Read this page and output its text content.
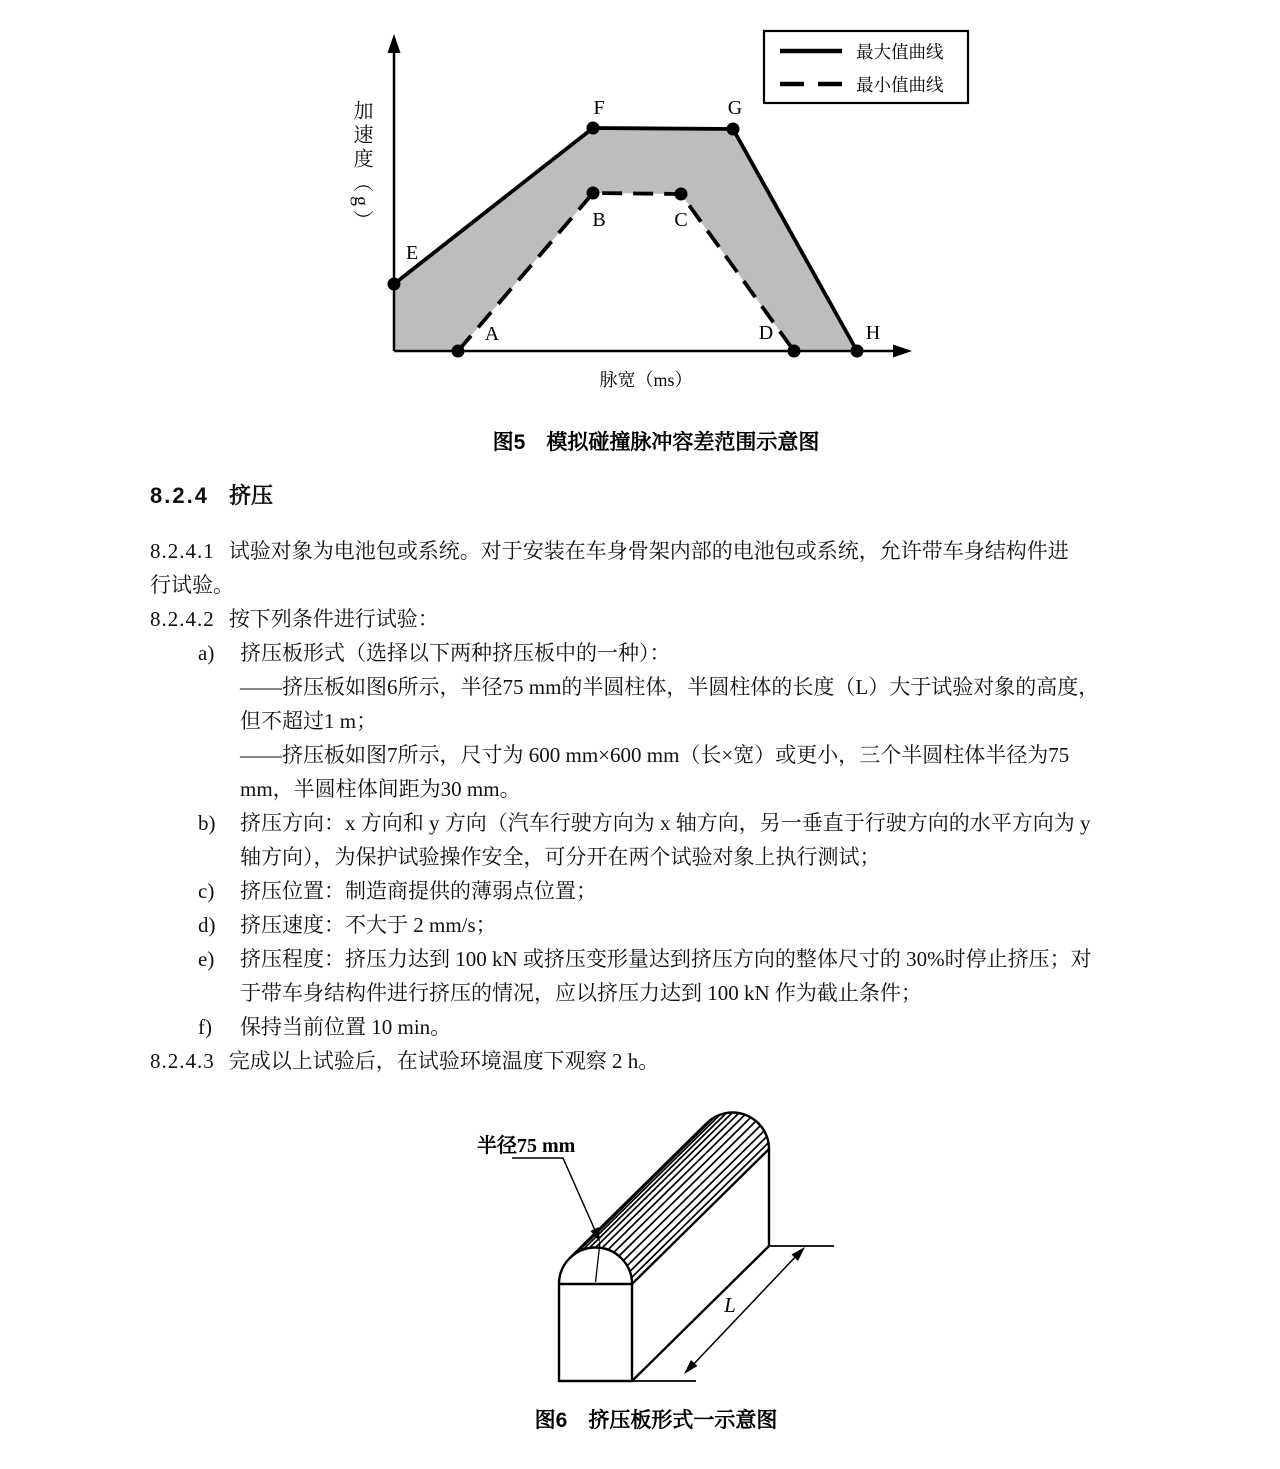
E
F	G
H
A
B	C
D
最大值曲线
最小值曲线
脉宽（ms）
加速度（g）
图5　模拟碰撞脉冲容差范围示意图
8.2.4 挤压
8.2.4.1 试验对象为电池包或系统。对于安装在车身骨架内部的电池包或系统，允许带车身结构件进
行试验。
8.2.4.2 按下列条件进行试验：
a) 挤压板形式（选择以下两种挤压板中的一种）：
——挤压板如图6所示，半径75 mm的半圆柱体，半圆柱体的长度（L）大于试验对象的高度，
但不超过1 m；
——挤压板如图7所示，尺寸为 600 mm×600 mm（长×宽）或更小，三个半圆柱体半径为75
mm，半圆柱体间距为30 mm。
b) 挤压方向：x 方向和 y 方向（汽车行驶方向为 x 轴方向，另一垂直于行驶方向的水平方向为 y
轴方向），为保护试验操作安全，可分开在两个试验对象上执行测试；
c) 挤压位置：制造商提供的薄弱点位置；
d) 挤压速度：不大于 2 mm/s；
e) 挤压程度：挤压力达到 100 kN 或挤压变形量达到挤压方向的整体尺寸的 30%时停止挤压；对
于带车身结构件进行挤压的情况，应以挤压力达到 100 kN 作为截止条件；
f) 保持当前位置 10 min。
8.2.4.3 完成以上试验后，在试验环境温度下观察 2 h。
L
半径75 mm
图6　挤压板形式一示意图
